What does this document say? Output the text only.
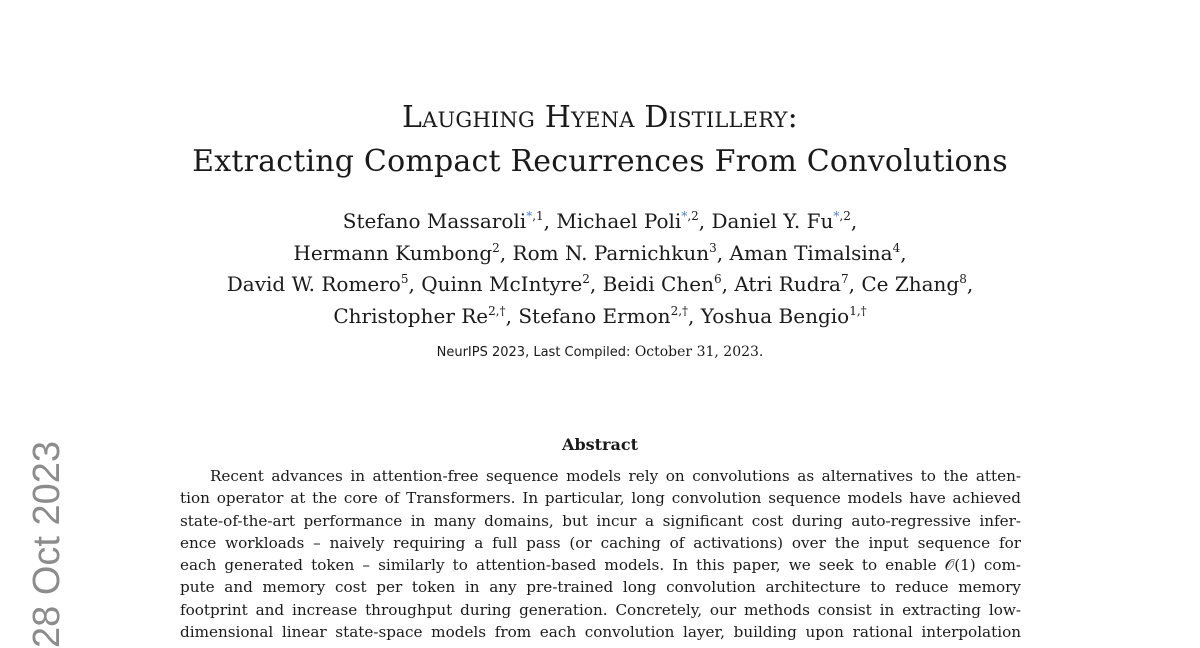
Laughing Hyena Distillery:
Extracting Compact Recurrences From Convolutions
Stefano Massaroli$^{*,1}$, Michael Poli$^{*,2}$, Daniel Y. $Fu^{*,2}$,
Hermann Kumbong$^2$, Rom N. Parnichkun$^3$, Aman Timalsina$^4$,
David W. Romero$^5$, Quinn McIntyre$^2$, Beidi Chen$^6$, Atri Rudra$^7$, Ce Zhang$^8$,
Christopher $Re^{2,\dagger}$, Stefano Ermon$^{2,\dagger}$, Yoshua Bengio$^{1,\dagger}$
NeurIPS 2023, Last Compiled: October 31, 2023.
Abstract
Recent advances in attention-free sequence models rely on convolutions as alternatives to the atten-
tion operator at the core of Transformers. In particular, long convolution sequence models have achieved
state-of-the-art performance in many domains, but incur a significant cost during auto-regressive infer-
ence workloads – naively requiring a full pass (or caching of activations) over the input sequence for
each generated token – similarly to attention-based models. In this paper, we seek to enable 𝒪(1) com-
pute and memory cost per token in any pre-trained long convolution architecture to reduce memory
footprint and increase throughput during generation. Concretely, our methods consist in extracting low-
dimensional linear state-space models from each convolution layer, building upon rational interpolation
28 Oct 2023
